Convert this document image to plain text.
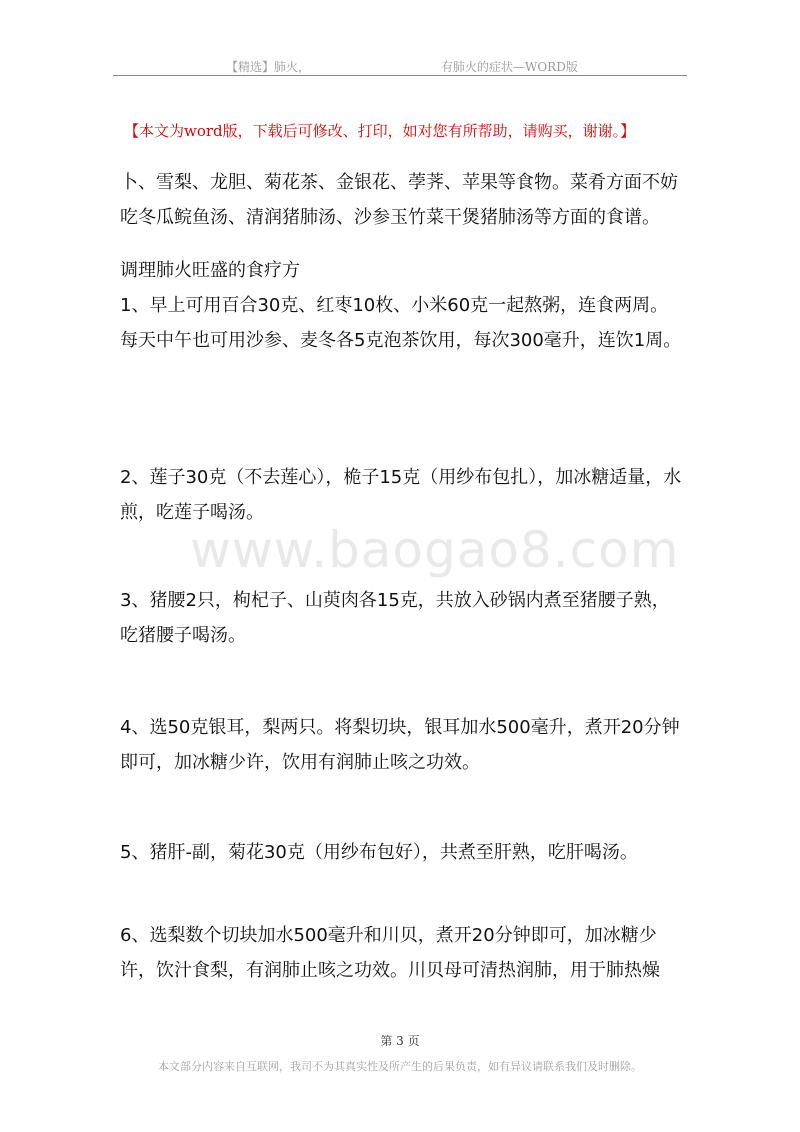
【精选】肺火，	有肺火的症状—WORD版
【本文为word版，下载后可修改、打印，如对您有所帮助，请购买，谢谢。】
www.baogao8.com
卜、雪梨、龙胆、菊花茶、金银花、荸荠、苹果等食物。菜肴方面不妨吃冬瓜鲩鱼汤、清润猪肺汤、沙参玉竹菜干煲猪肺汤等方面的食谱。
调理肺火旺盛的食疗方
1、早上可用百合30克、红枣10枚、小米60克一起熬粥，连食两周。每天中午也可用沙参、麦冬各5克泡茶饮用，每次300毫升，连饮1周。
2、莲子30克（不去莲心），桅子15克（用纱布包扎），加冰糖适量，水煎，吃莲子喝汤。
3、猪腰2只，枸杞子、山萸肉各15克，共放入砂锅内煮至猪腰子熟，吃猪腰子喝汤。
4、选50克银耳，梨两只。将梨切块，银耳加水500毫升，煮开20分钟即可，加冰糖少许，饮用有润肺止咳之功效。
5、猪肝-副，菊花30克（用纱布包好），共煮至肝熟，吃肝喝汤。
6、选梨数个切块加水500毫升和川贝，煮开20分钟即可，加冰糖少许，饮汁食梨，有润肺止咳之功效。川贝母可清热润肺，用于肺热燥
第 3 页
本文部分内容来自互联网，我司不为其真实性及所产生的后果负责，如有异议请联系我们及时删除。
